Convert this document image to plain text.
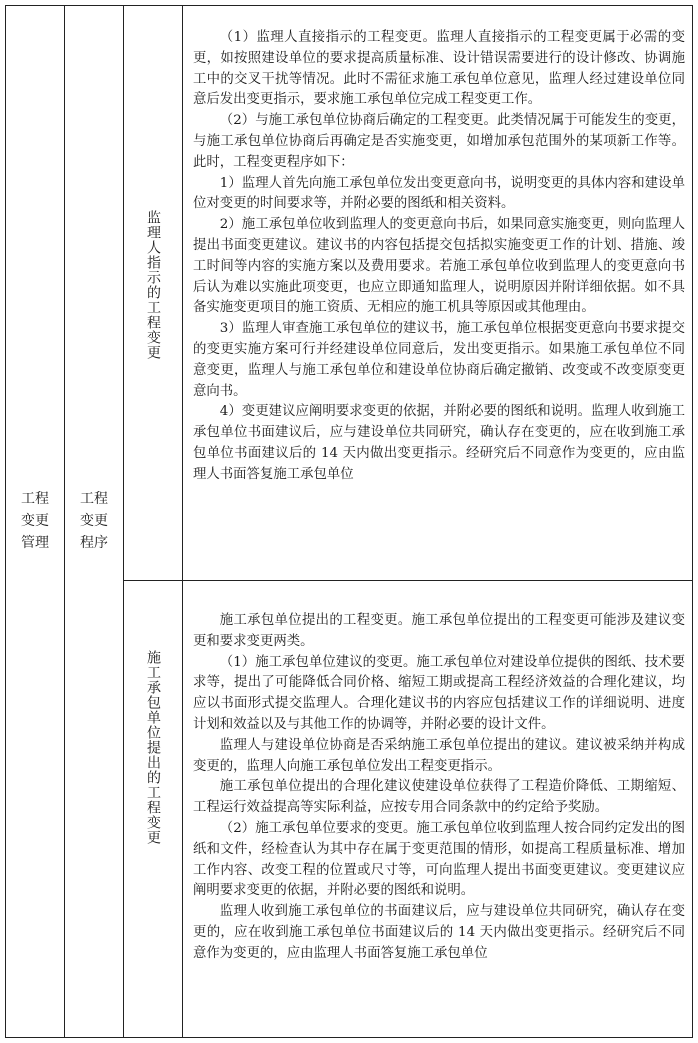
工程
变更
管理
工程
变更
程序
监理人指示的工程变更
施工承包单位提出的工程变更

（1）监理人直接指示的工程变更。监理人直接指示的工程变更属于必需的变更，如按照建设单位的要求提高质量标准、设计错误需要进行的设计修改、协调施工中的交叉干扰等情况。此时不需征求施工承包单位意见，监理人经过建设单位同意后发出变更指示，要求施工承包单位完成工程变更工作。

（2）与施工承包单位协商后确定的工程变更。此类情况属于可能发生的变更，与施工承包单位协商后再确定是否实施变更，如增加承包范围外的某项新工作等。此时，工程变更程序如下：

1）监理人首先向施工承包单位发出变更意向书，说明变更的具体内容和建设单位对变更的时间要求等，并附必要的图纸和相关资料。

2）施工承包单位收到监理人的变更意向书后，如果同意实施变更，则向监理人提出书面变更建议。建议书的内容包括提交包括拟实施变更工作的计划、措施、竣工时间等内容的实施方案以及费用要求。若施工承包单位收到监理人的变更意向书后认为难以实施此项变更，也应立即通知监理人，说明原因并附详细依据。如不具备实施变更项目的施工资质、无相应的施工机具等原因或其他理由。

3）监理人审查施工承包单位的建议书，施工承包单位根据变更意向书要求提交的变更实施方案可行并经建设单位同意后，发出变更指示。如果施工承包单位不同意变更，监理人与施工承包单位和建设单位协商后确定撤销、改变或不改变原变更意向书。

4）变更建议应阐明要求变更的依据，并附必要的图纸和说明。监理人收到施工承包单位书面建议后，应与建设单位共同研究，确认存在变更的，应在收到施工承包单位书面建议后的 14 天内做出变更指示。经研究后不同意作为变更的，应由监理人书面答复施工承包单位

施工承包单位提出的工程变更。施工承包单位提出的工程变更可能涉及建议变更和要求变更两类。

（1）施工承包单位建议的变更。施工承包单位对建设单位提供的图纸、技术要求等，提出了可能降低合同价格、缩短工期或提高工程经济效益的合理化建议，均应以书面形式提交监理人。合理化建议书的内容应包括建议工作的详细说明、进度计划和效益以及与其他工作的协调等，并附必要的设计文件。

监理人与建设单位协商是否采纳施工承包单位提出的建议。建议被采纳并构成变更的，监理人向施工承包单位发出工程变更指示。

施工承包单位提出的合理化建议使建设单位获得了工程造价降低、工期缩短、工程运行效益提高等实际利益，应按专用合同条款中的约定给予奖励。

（2）施工承包单位要求的变更。施工承包单位收到监理人按合同约定发出的图纸和文件，经检查认为其中存在属于变更范围的情形，如提高工程质量标准、增加工作内容、改变工程的位置或尺寸等，可向监理人提出书面变更建议。变更建议应阐明要求变更的依据，并附必要的图纸和说明。

监理人收到施工承包单位的书面建议后，应与建设单位共同研究，确认存在变更的，应在收到施工承包单位书面建议后的 14 天内做出变更指示。经研究后不同意作为变更的，应由监理人书面答复施工承包单位
